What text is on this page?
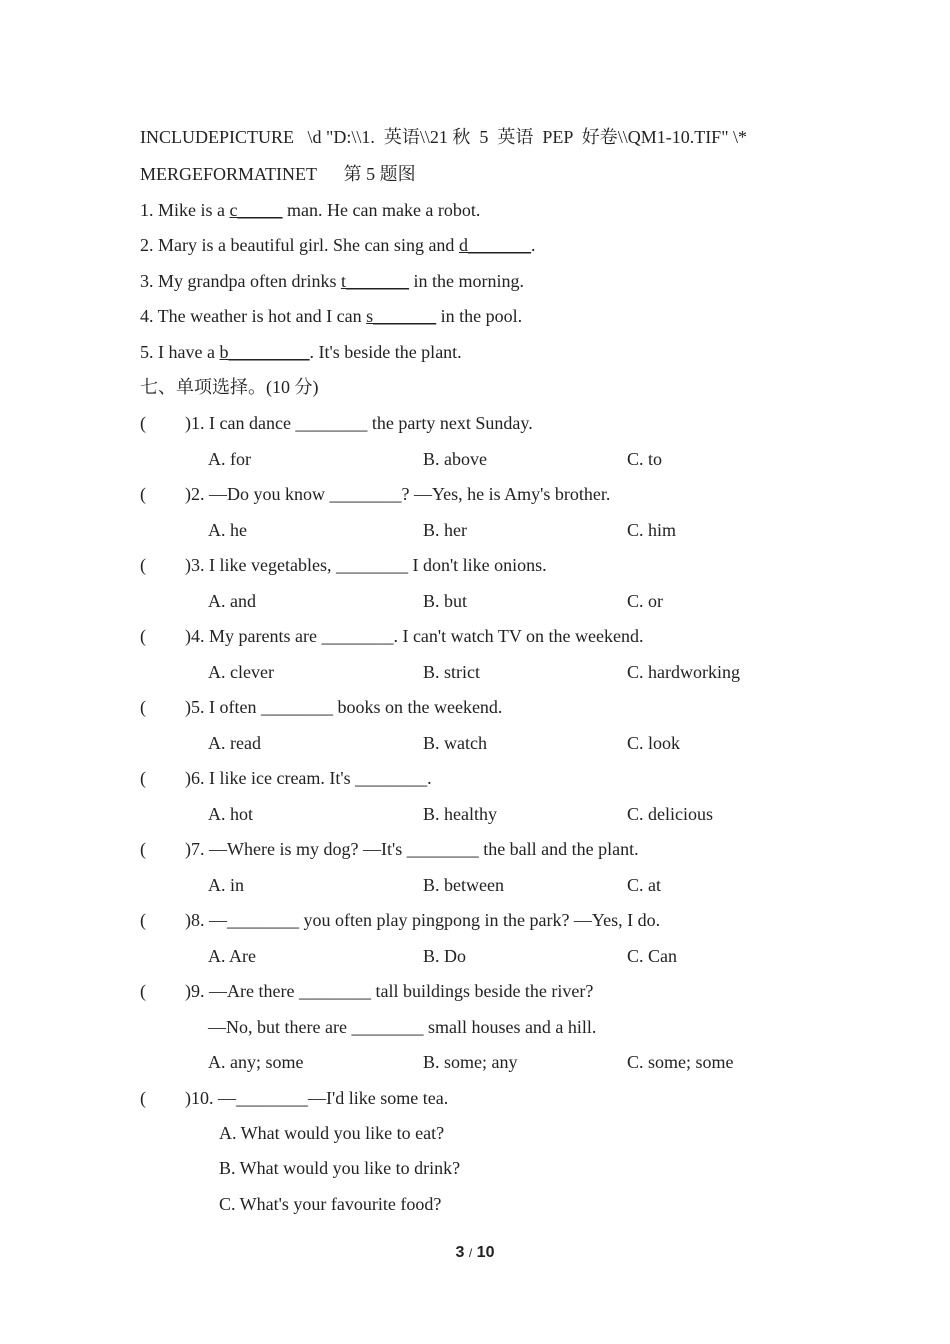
INCLUDEPICTURE   \d "D:\\1.  英语\\21 秋  5  英语  PEP  好卷\\QM1-10.TIF" \*
MERGEFORMATINET      第 5 题图
1. Mike is a c_____ man. He can make a robot.
2. Mary is a beautiful girl. She can sing and d_______.
3. My grandpa often drinks t_______ in the morning.
4. The weather is hot and I can s_______ in the pool.
5. I have a b_________. It's beside the plant.
七、单项选择。(10 分)
( )1. I can dance ________ the party next Sunday.
A. for	B. above	C. to
( )2. —Do you know ________? —Yes, he is Amy's brother.
A. he	B. her	C. him
( )3. I like vegetables, ________ I don't like onions.
A. and	B. but	C. or
( )4. My parents are ________. I can't watch TV on the weekend.
A. clever	B. strict	C. hardworking
( )5. I often ________ books on the weekend.
A. read	B. watch	C. look
( )6. I like ice cream. It's ________.
A. hot	B. healthy	C. delicious
( )7. —Where is my dog? —It's ________ the ball and the plant.
A. in	B. between	C. at
( )8. —________ you often play pingpong in the park? —Yes, I do.
A. Are	B. Do	C. Can
( )9. —Are there ________ tall buildings beside the river?
—No, but there are ________ small houses and a hill.
A. any; some	B. some; any	C. some; some
( )10. —________—I'd like some tea.
A. What would you like to eat?
B. What would you like to drink?
C. What's your favourite food?
3 / 10
